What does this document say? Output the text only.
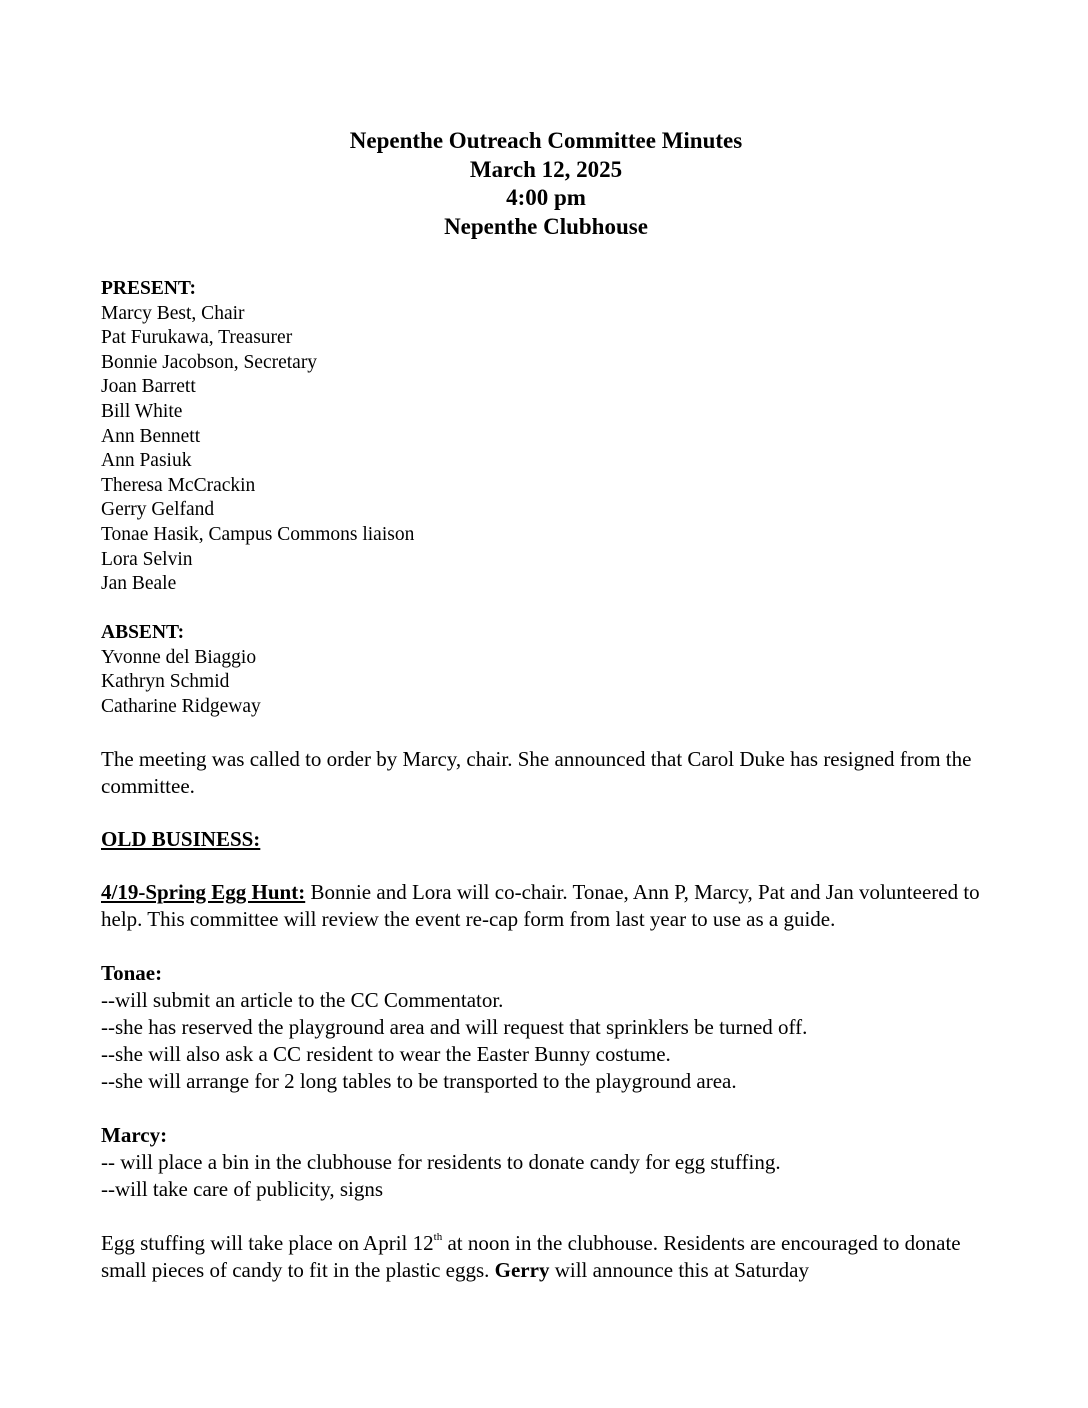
Nepenthe Outreach Committee Minutes
March 12, 2025
4:00 pm
Nepenthe Clubhouse
PRESENT:
Marcy Best, Chair
Pat Furukawa, Treasurer
Bonnie Jacobson, Secretary
Joan Barrett
Bill White
Ann Bennett
Ann Pasiuk
Theresa McCrackin
Gerry Gelfand
Tonae Hasik, Campus Commons liaison
Lora Selvin
Jan Beale
ABSENT:
Yvonne del Biaggio
Kathryn Schmid
Catharine Ridgeway
The meeting was called to order by Marcy, chair. She announced that Carol Duke has resigned from the committee.
OLD BUSINESS:
4/19-Spring Egg Hunt: Bonnie and Lora will co-chair. Tonae, Ann P, Marcy, Pat and Jan volunteered to help. This committee will review the event re-cap form from last year to use as a guide.
Tonae:
--will submit an article to the CC Commentator.
--she has reserved the playground area and will request that sprinklers be turned off.
--she will also ask a CC resident to wear the Easter Bunny costume.
--she will arrange for 2 long tables to be transported to the playground area.
Marcy:
-- will place a bin in the clubhouse for residents to donate candy for egg stuffing.
--will take care of publicity, signs
Egg stuffing will take place on April 12th at noon in the clubhouse. Residents are encouraged to donate small pieces of candy to fit in the plastic eggs. Gerry will announce this at Saturday
